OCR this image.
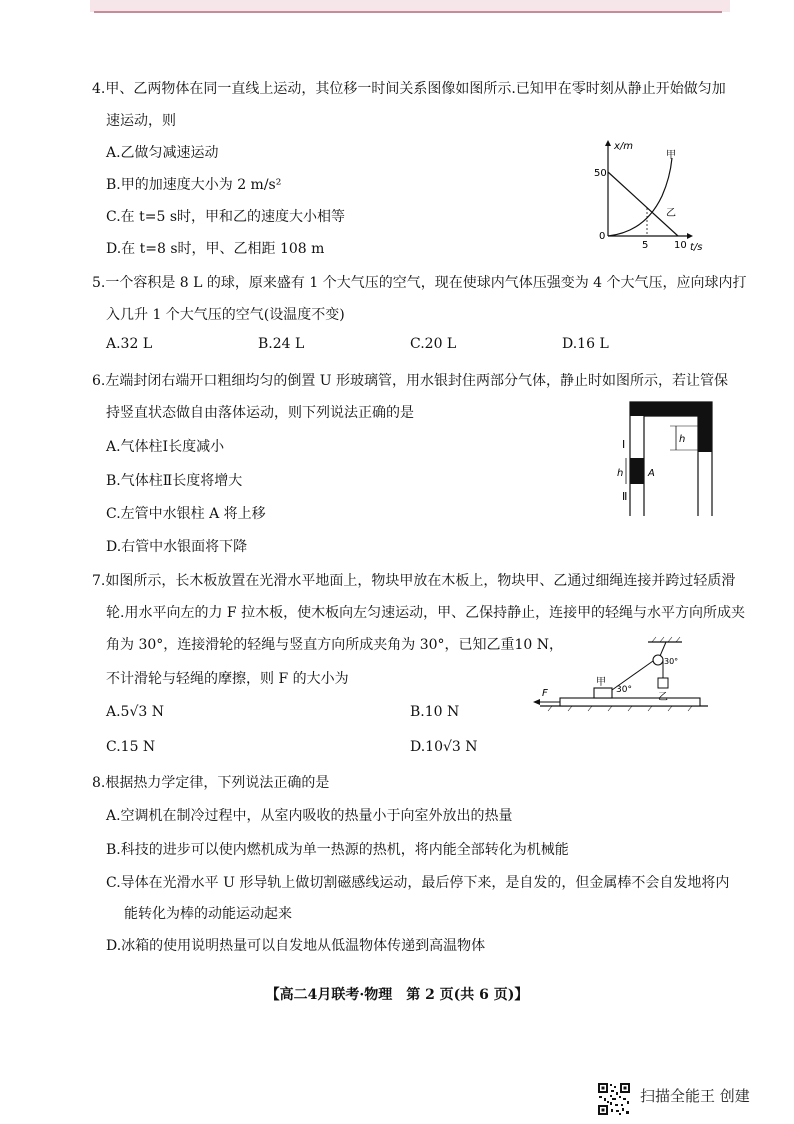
4.甲、乙两物体在同一直线上运动，其位移一时间关系图像如图所示.已知甲在零时刻从静止开始做匀加
速运动，则
A.乙做匀减速运动
B.甲的加速度大小为 2 m/s²
C.在 t=5 s时，甲和乙的速度大小相等
D.在 t=8 s时，甲、乙相距 108 m
x/m
t/s
50
0
5	10
甲
乙
5.一个容积是 8 L 的球，原来盛有 1 个大气压的空气，现在使球内气体压强变为 4 个大气压，应向球内打
入几升 1 个大气压的空气(设温度不变)
A.32 L	B.24 L	C.20 L	D.16 L
6.左端封闭右端开口粗细均匀的倒置 U 形玻璃管，用水银封住两部分气体，静止时如图所示，若让管保
持竖直状态做自由落体运动，则下列说法正确的是
A.气体柱Ⅰ长度减小
B.气体柱Ⅱ长度将增大
C.左管中水银柱 A 将上移
D.右管中水银面将下降
h
h
Ⅰ
Ⅱ
A
7.如图所示，长木板放置在光滑水平地面上，物块甲放在木板上，物块甲、乙通过细绳连接并跨过轻质滑
轮.用水平向左的力 F 拉木板，使木板向左匀速运动，甲、乙保持静止，连接甲的轻绳与水平方向所成夹
角为 30°，连接滑轮的轻绳与竖直方向所成夹角为 30°，已知乙重10 N，
不计滑轮与轻绳的摩擦，则 F 的大小为
A.5√3 N	B.10 N
C.15 N	D.10√3 N
F
甲
30°
30°
乙
8.根据热力学定律，下列说法正确的是
A.空调机在制冷过程中，从室内吸收的热量小于向室外放出的热量
B.科技的进步可以使内燃机成为单一热源的热机，将内能全部转化为机械能
C.导体在光滑水平 U 形导轨上做切割磁感线运动，最后停下来，是自发的，但金属棒不会自发地将内
能转化为棒的动能运动起来
D.冰箱的使用说明热量可以自发地从低温物体传递到高温物体
【高二4月联考·物理　第 2 页(共 6 页)】
扫描全能王 创建
